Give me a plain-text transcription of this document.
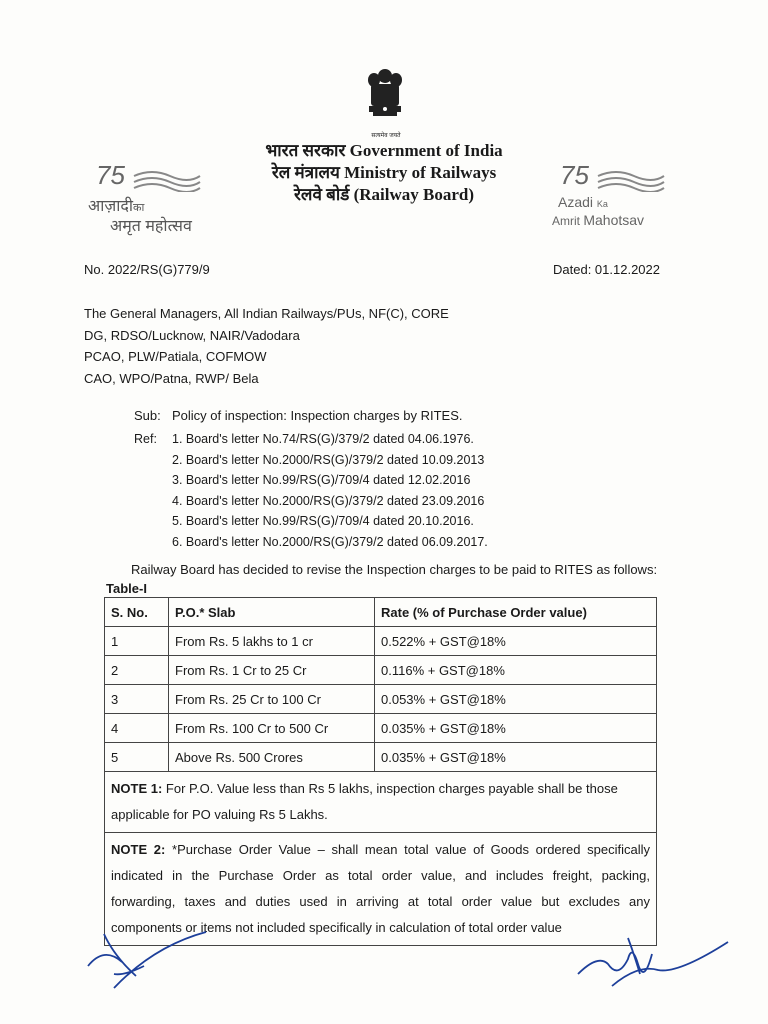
सत्यमेव जयते
भारत सरकार Government of India
रेल मंत्रालय Ministry of Railways
रेलवे बोर्ड (Railway Board)
75
आज़ादीका
अमृत महोत्सव
75
Azadi Ka
Amrit Mahotsav
No. 2022/RS(G)779/9	Dated: 01.12.2022
The General Managers, All Indian Railways/PUs, NF(C), CORE
DG, RDSO/Lucknow, NAIR/Vadodara
PCAO, PLW/Patiala, COFMOW
CAO, WPO/Patna, RWP/ Bela
Sub: Policy of inspection: Inspection charges by RITES.
Ref:	1. Board's letter No.74/RS(G)/379/2 dated 04.06.1976.
2. Board's letter No.2000/RS(G)/379/2 dated 10.09.2013
3. Board's letter No.99/RS(G)/709/4 dated 12.02.2016
4. Board's letter No.2000/RS(G)/379/2 dated 23.09.2016
5. Board's letter No.99/RS(G)/709/4 dated 20.10.2016.
6. Board's letter No.2000/RS(G)/379/2 dated 06.09.2017.
Railway Board has decided to revise the Inspection charges to be paid to RITES as follows:
Table-I
S. No.	P.O.* Slab	Rate (% of Purchase Order value)
1	From Rs. 5 lakhs to 1 cr	0.522% + GST@18%
2	From Rs. 1 Cr to 25 Cr	0.116% + GST@18%
3	From Rs. 25 Cr to 100 Cr	0.053% + GST@18%
4	From Rs. 100 Cr to 500 Cr	0.035% + GST@18%
5	Above Rs. 500 Crores	0.035% + GST@18%
NOTE 1: For P.O. Value less than Rs 5 lakhs, inspection charges payable shall be those applicable for PO valuing Rs 5 Lakhs.		
NOTE 2: *Purchase Order Value – shall mean total value of Goods ordered specifically indicated in the Purchase Order as total order value, and includes freight, packing, forwarding, taxes and duties used in arriving at total order value but excludes any components or items not included specifically in calculation of total order value		
